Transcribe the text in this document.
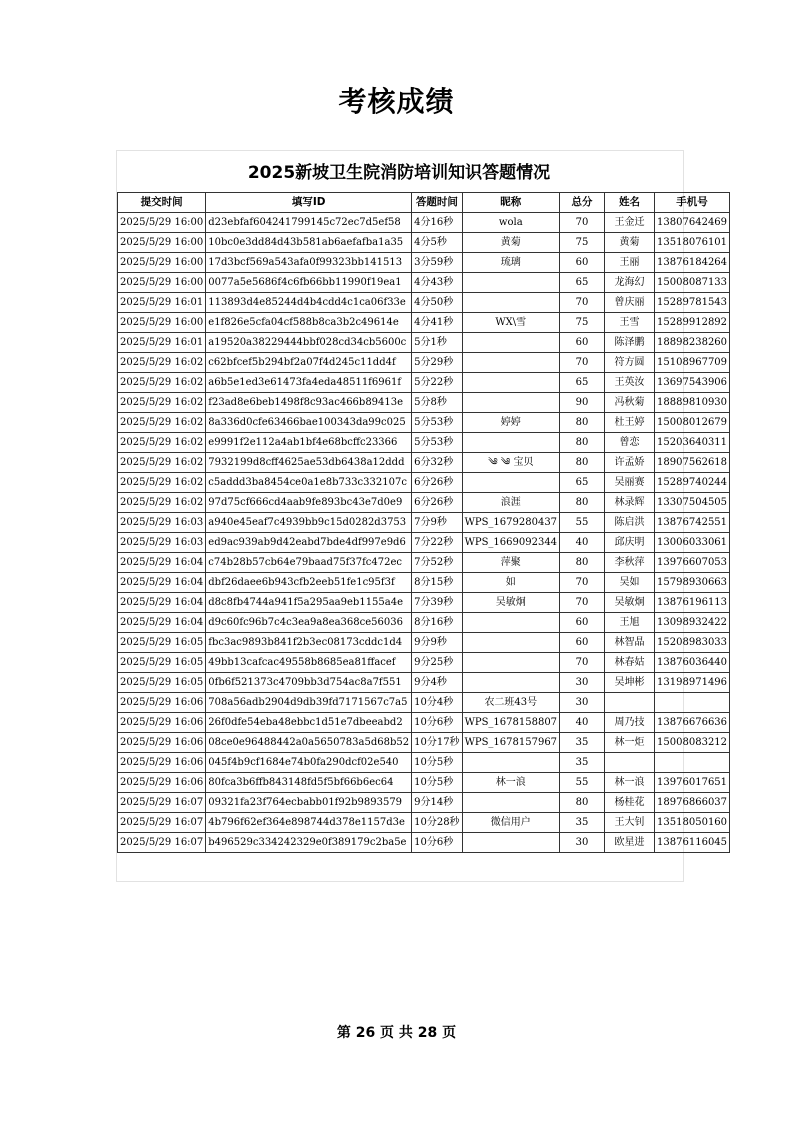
考核成绩
2025新坡卫生院消防培训知识答题情况
提交时间	填写ID	答题时间	昵称	总分	姓名	手机号
2025/5/29 16:00	d23ebfaf604241799145c72ec7d5ef58	4分16秒	wola	70	王金迁	13807642469
2025/5/29 16:00	10bc0e3dd84d43b581ab6aefafba1a35	4分5秒	黄菊	75	黄菊	13518076101
2025/5/29 16:00	17d3bcf569a543afa0f99323bb141513	3分59秒	琉璃	60	王丽	13876184264
2025/5/29 16:00	0077a5e5686f4c6fb66bb11990f19ea1	4分43秒		65	龙海幻	15008087133
2025/5/29 16:01	113893d4e85244d4b4cdd4c1ca06f33e	4分50秒		70	曾庆丽	15289781543
2025/5/29 16:00	e1f826e5cfa04cf588b8ca3b2c49614e	4分41秒	WX\雪	75	王雪	15289912892
2025/5/29 16:01	a19520a38229444bbf028cd34cb5600c	5分1秒		60	陈泽鹏	18898238260
2025/5/29 16:02	c62bfcef5b294bf2a07f4d245c11dd4f	5分29秒		70	符方圆	15108967709
2025/5/29 16:02	a6b5e1ed3e61473fa4eda48511f6961f	5分22秒		65	王英汝	13697543906
2025/5/29 16:02	f23ad8e6beb1498f8c93ac466b89413e	5分8秒		90	冯秋菊	18889810930
2025/5/29 16:02	8a336d0cfe63466bae100343da99c025	5分53秒	婷婷	80	杜王婷	15008012679
2025/5/29 16:02	e9991f2e112a4ab1bf4e68bcffc23366	5分53秒		80	曾恋	15203640311
2025/5/29 16:02	7932199d8cff4625ae53db6438a12ddd	6分32秒	༄ ༄ 宝贝	80	许孟娇	18907562618
2025/5/29 16:02	c5addd3ba8454ce0a1e8b733c332107c	6分26秒		65	吴丽赛	15289740244
2025/5/29 16:02	97d75cf666cd4aab9fe893bc43e7d0e9	6分26秒	浪涯	80	林录辉	13307504505
2025/5/29 16:03	a940e45eaf7c4939bb9c15d0282d3753	7分9秒	WPS_1679280437	55	陈启洪	13876742551
2025/5/29 16:03	ed9ac939ab9d42eabd7bde4df997e9d6	7分22秒	WPS_1669092344	40	邱庆明	13006033061
2025/5/29 16:04	c74b28b57cb64e79baad75f37fc472ec	7分52秒	萍聚	80	李秋萍	13976607053
2025/5/29 16:04	dbf26daee6b943cfb2eeb51fe1c95f3f	8分15秒	如	70	吴如	15798930663
2025/5/29 16:04	d8c8fb4744a941f5a295aa9eb1155a4e	7分39秒	吴敏炯	70	吴敏炯	13876196113
2025/5/29 16:04	d9c60fc96b7c4c3ea9a8ea368ce56036	8分16秒		60	王旭	13098932422
2025/5/29 16:05	fbc3ac9893b841f2b3ec08173cddc1d4	9分9秒		60	林智晶	15208983033
2025/5/29 16:05	49bb13cafcac49558b8685ea81ffacef	9分25秒		70	林春姑	13876036440
2025/5/29 16:05	0fb6f521373c4709bb3d754ac8a7f551	9分4秒		30	吴坤彬	13198971496
2025/5/29 16:06	708a56adb2904d9db39fd7171567c7a5	10分4秒	农二班43号	30		
2025/5/29 16:06	26f0dfe54eba48ebbc1d51e7dbeeabd2	10分6秒	WPS_1678158807	40	周乃技	13876676636
2025/5/29 16:06	08ce0e96488442a0a5650783a5d68b52	10分17秒	WPS_1678157967	35	林一炬	15008083212
2025/5/29 16:06	045f4b9cf1684e74b0fa290dcf02e540	10分5秒		35		
2025/5/29 16:06	80fca3b6ffb843148fd5f5bf66b6ec64	10分5秒	林一浪	55	林一浪	13976017651
2025/5/29 16:07	09321fa23f764ecbabb01f92b9893579	9分14秒		80	杨桂花	18976866037
2025/5/29 16:07	4b796f62ef364e898744d378e1157d3e	10分28秒	微信用户	35	王大钊	13518050160
2025/5/29 16:07	b496529c334242329e0f389179c2ba5e	10分6秒		30	欧星进	13876116045
第 26 页 共 28 页
